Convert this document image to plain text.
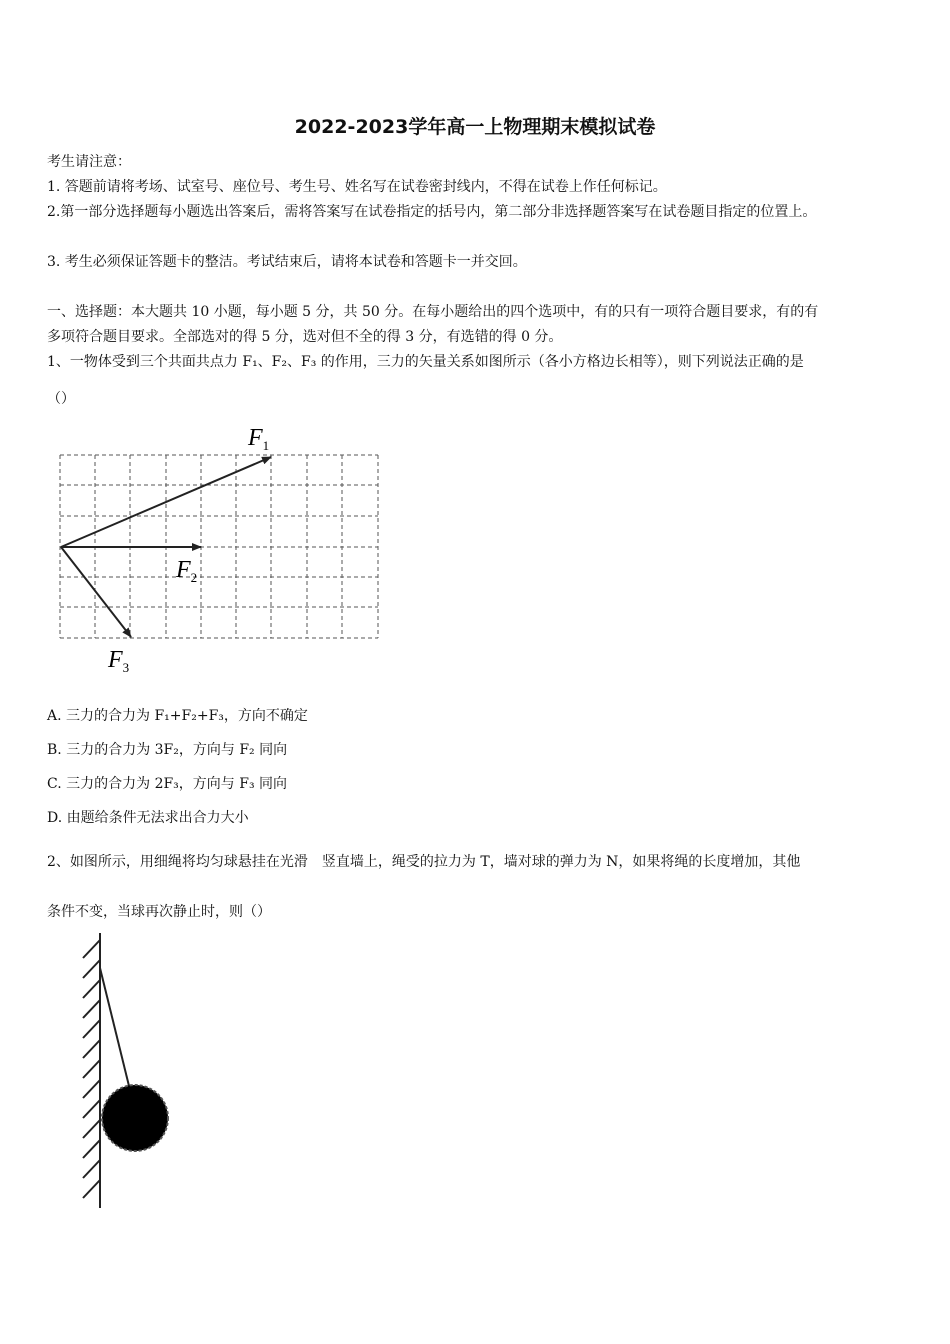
2022-2023学年高一上物理期末模拟试卷
考生请注意：
1. 答题前请将考场、试室号、座位号、考生号、姓名写在试卷密封线内，不得在试卷上作任何标记。
2.第一部分选择题每小题选出答案后，需将答案写在试卷指定的括号内，第二部分非选择题答案写在试卷题目指定的位置上。
3. 考生必须保证答题卡的整洁。考试结束后，请将本试卷和答题卡一并交回。
一、选择题：本大题共 10 小题，每小题 5 分，共 50 分。在每小题给出的四个选项中，有的只有一项符合题目要求，有的有
多项符合题目要求。全部选对的得 5 分，选对但不全的得 3 分，有选错的得 0 分。
1、一物体受到三个共面共点力 F₁、F₂、F₃ 的作用，三力的矢量关系如图所示（各小方格边长相等），则下列说法正确的是
（）
$F_1$
$F_2$
$F_3$
A. 三力的合力为 F₁+F₂+F₃，方向不确定
B. 三力的合力为 3F₂，方向与 F₂ 同向
C. 三力的合力为 2F₃，方向与 F₃ 同向
D. 由题给条件无法求出合力大小
2、如图所示，用细绳将均匀球悬挂在光滑　竖直墙上，绳受的拉力为 T，墙对球的弹力为 N，如果将绳的长度增加，其他
条件不变，当球再次静止时，则（）
